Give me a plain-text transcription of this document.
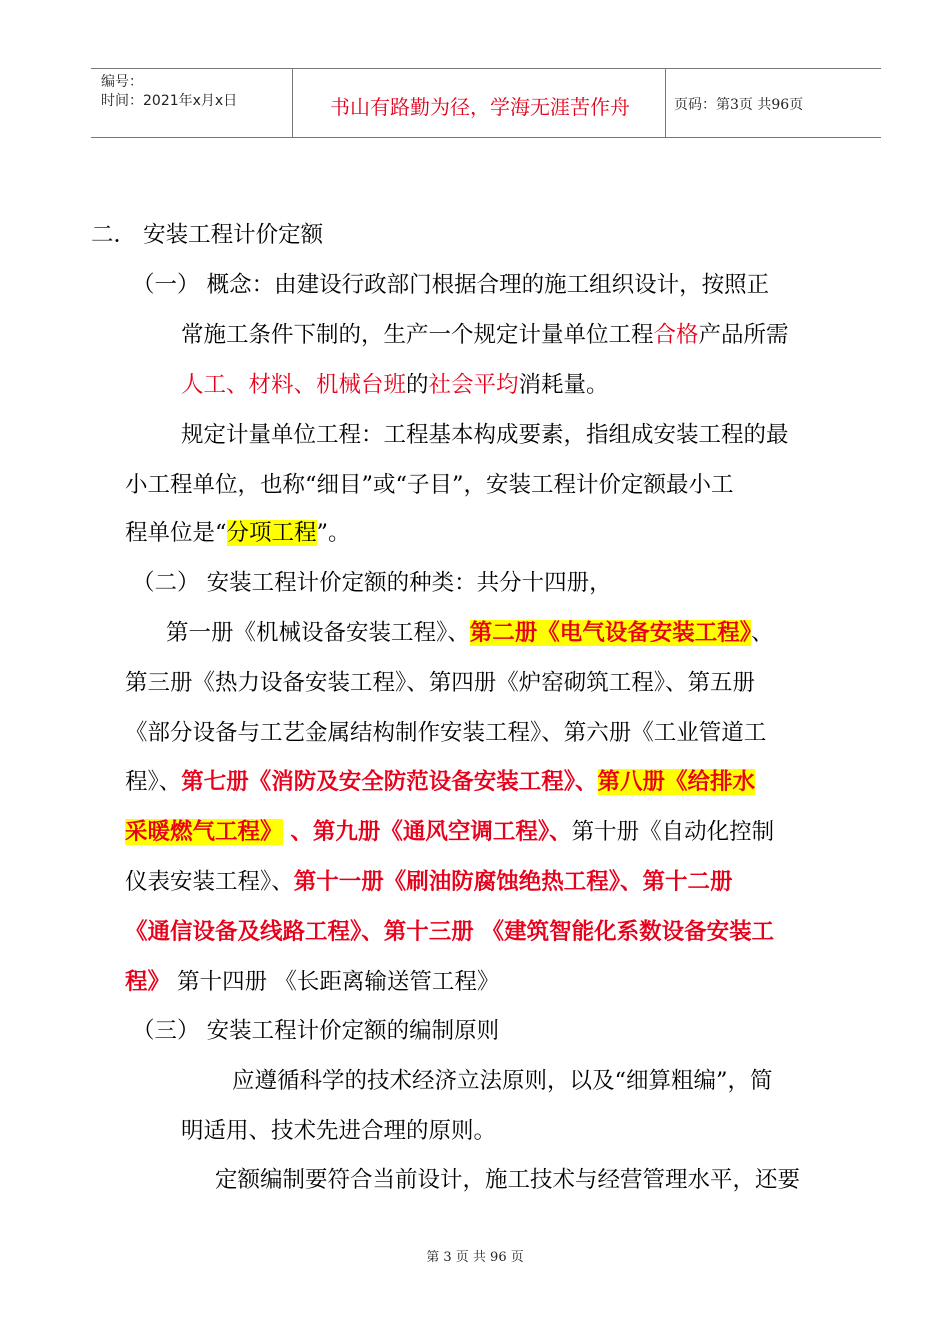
编号：
时间：2021年x月x日	书山有路勤为径，学海无涯苦作舟	页码：第3页 共96页
二． 安装工程计价定额
（一） 概念：由建设行政部门根据合理的施工组织设计，按照正
常施工条件下制的，生产一个规定计量单位工程合格产品所需
人工、材料、机械台班的社会平均消耗量。
规定计量单位工程：工程基本构成要素，指组成安装工程的最
小工程单位，也称“细目”或“子目”，安装工程计价定额最小工
程单位是“分项工程”。
（二） 安装工程计价定额的种类：共分十四册，
第一册《机械设备安装工程》、第二册《电气设备安装工程》、
第三册《热力设备安装工程》、第四册《炉窑砌筑工程》、第五册
《部分设备与工艺金属结构制作安装工程》、第六册《工业管道工
程》、第七册《消防及安全防范设备安装工程》、第八册《给排水
采暖燃气工程》 、第九册《通风空调工程》、第十册《自动化控制
仪表安装工程》、第十一册《刷油防腐蚀绝热工程》、第十二册
《通信设备及线路工程》、第十三册 《建筑智能化系数设备安装工
程》 第十四册 《长距离输送管工程》
（三） 安装工程计价定额的编制原则
应遵循科学的技术经济立法原则，以及“细算粗编”，简
明适用、技术先进合理的原则。
定额编制要符合当前设计，施工技术与经营管理水平，还要
第 3 页 共 96 页
